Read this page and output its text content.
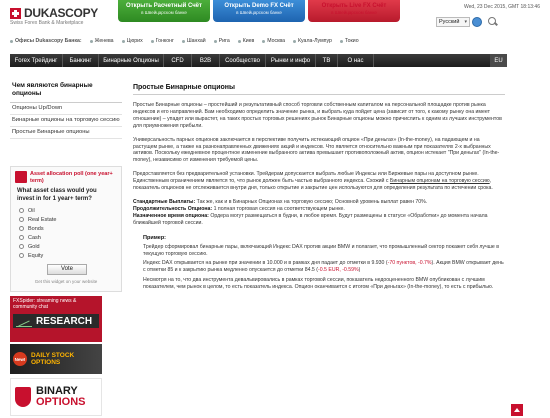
DUKASCOPY
Swiss Forex Bank & Marketplace
Открыть Расчетный Счёт
в Швейцарском банке
Открыть Demo FX Счёт
в Швейцарском банке
Открыть Live FX Счёт
в Швейцарском банке
Wed, 23 Dec 2015, GMT 18:13:46
Русский ▾
Офисы Dukascopy Банка:	Женева	Цюрих	Гонконг	Шанхай	Рига	Киев	Москва	Куала-Лумпур	Токио
Forex Трейдинг	Банкинг	Бинарные Опционы	CFD	B2B	Сообщество	Рынки и инфо	ТВ	О нас	EU
Чем являются бинарные опционы
Опционы Up/Down
Бинарные опционы на торговую сессию
Простые Бинарные опционы
Asset allocation poll (one year+ term)
What asset class would you invest in for 1 year+ term?
Oil
Real Estate
Bonds
Cash
Gold
Equity
Vote
Get this widget on your website
FXSpider: streaming news & community chat
RESEARCH
New! DAILY STOCK OPTIONS
BINARY
OPTIONS
Простые Бинарные опционы

Простые Бинарные опционы – простейший и результативный способ торговли собственным капиталом на персональной площадке против рынка индексов и его направлений. Вам необходимо определить значение рынка, и выбрать куда пойдет цена (зависит от того, к какому рынку она имеет отношение) – упадет или вырастет, на таких простых торговых решениях рынок Бинарные опционы можно причислить к одним из лучших инструментов для приумножения прибыли.

Универсальность парных опционов заключается в перспективе получить истекающий опцион «При деньгах» (In-the-money), на падающем и на растущем рынке, а также на разнонаправленных движениях акций и индексов. Что является относительно важным при показателях 2-х выбранных активов. Поскольку ежедневное процентное изменение выбранного актива превышает противоположный актив, опцион истекает "При деньгах" (In-the-money), независимо от изменения требуемой цены.

Предоставляется без предварительной установки. Трейдерам допускается выбрать любые Индексы или Биржевые пары на доступном рынке. Единственным ограничением является то, что рынок должен быть частью выбранного индекса. Схожий с Бинарным опционам на торговую сессию, показатель опционов не отслеживается внутри дня, только открытие и закрытие цен используются для определения результата по истечении срока.

Стандартные Выплаты: Так же, как и в Бинарных Опционах на торговую сессию; Основной уровень выплат равен 70%.
Продолжительность Опциона: 1 полная торговая сессия на соответствующем рынке.
Назначенное время опциона: Ордера могут размещаться в будни, в любое время. Будут размещены в статусе «Обработки» до момента начала ближайшей торговой сессии.

Пример:

Трейдер сформировал бинарные пары, включающий Индекс DAX против акции BMW и полагает, что промышленный сектор покажет себя лучше в текущую торговую сессию.

Индекс DAX открывается на рынке при значении в 10.000 и в рамках дня падает до отметки в 9.930 (-70 пунктов, -0.7%). Акция BMW открывает день с отметки 85 и к закрытию рынка медленно опускается до отметки 84.5 (-0.5 EUR, -0.59%)

Несмотря на то, что два инструмента девальвировались в рамках торговой сессии, показатель недооцененного BMW опубликован с лучшим показателем, чем рынок в целом, то есть показатель индекса. Опцион оканчивается с итогом «При деньгах» (In-the-money), то есть с прибылью.
